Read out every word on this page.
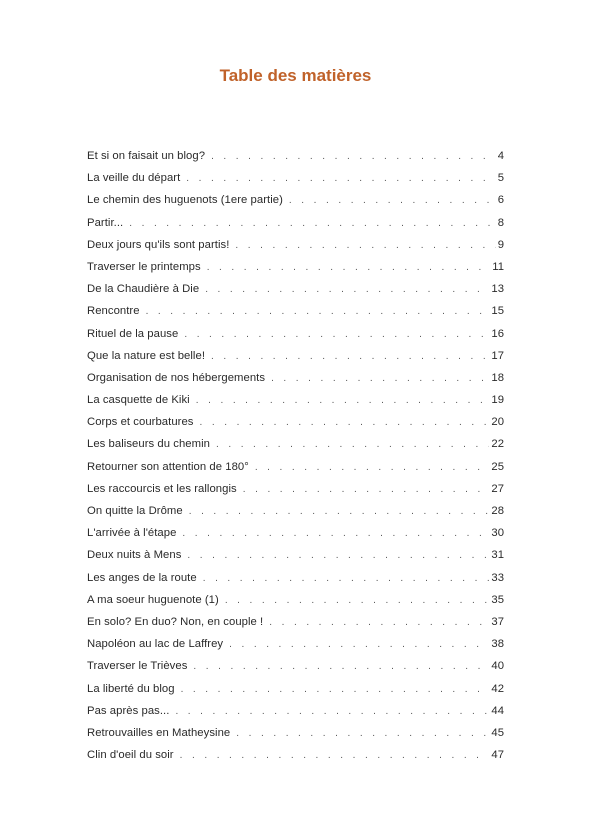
Table des matières
Et si on faisait un blog? . . .	4
La veille du départ . . .	5
Le chemin des huguenots (1ere partie) . . .	6
Partir... . . .	8
Deux jours qu'ils sont partis! . . .	9
Traverser le printemps . . .	11
De la Chaudière à Die . . .	13
Rencontre . . .	15
Rituel de la pause . . .	16
Que la nature est belle! . . .	17
Organisation de nos hébergements . . .	18
La casquette de Kiki . . .	19
Corps et courbatures . . .	20
Les baliseurs du chemin . . .	22
Retourner son attention de 180° . . .	25
Les raccourcis et les rallongis . . .	27
On quitte la Drôme . . .	28
L'arrivée à l'étape . . .	30
Deux nuits à Mens . . .	31
Les anges de la route . . .	33
A ma soeur huguenote (1) . . .	35
En solo? En duo? Non, en couple ! . . .	37
Napoléon au lac de Laffrey . . .	38
Traverser le Trièves . . .	40
La liberté du blog . . .	42
Pas après pas... . . .	44
Retrouvailles en Matheysine . . .	45
Clin d'oeil du soir . . .	47
